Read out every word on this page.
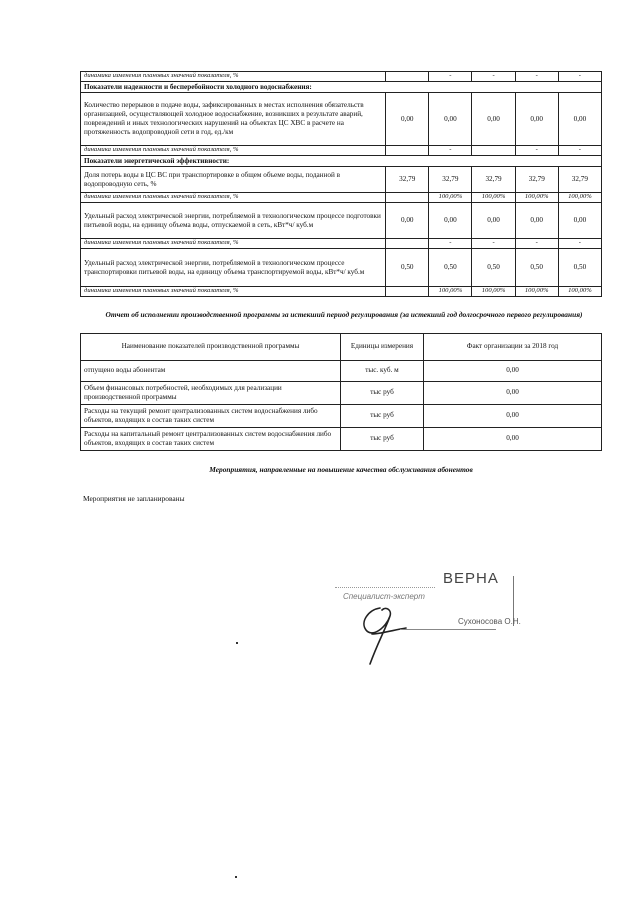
динамика изменения плановых значений показателя, %		-	-	-	-
Показатели надежности и бесперебойности холодного водоснабжения:					
Количество перерывов в подаче воды, зафиксированных в местах исполнения обязательств организацией, осуществляющей холодное водоснабжение, возникших в результате аварий, повреждений и иных технологических нарушений на объектах ЦС ХВС в расчете на протяженность водопроводной сети в год, ед./км	0,00	0,00	0,00	0,00	0,00
динамика изменения плановых значений показателя, %		-		-	-
Показатели энергетической эффективности:					
Доля потерь воды в ЦС ВС при транспортировке в общем объеме воды, поданной в водопроводную сеть, %	32,79	32,79	32,79	32,79	32,79
динамика изменения плановых значений показателя, %		100,00%	100,00%	100,00%	100,00%
Удельный расход электрической энергии, потребляемой в технологическом процессе подготовки питьевой воды, на единицу объема воды, отпускаемой в сеть, кВт*ч/ куб.м	0,00	0,00	0,00	0,00	0,00
динамика изменения плановых значений показателя, %		-	-	-	-
Удельный расход электрической энергии, потребляемой в технологическом процессе транспортировки питьевой воды, на единицу объема транспортируемой воды, кВт*ч/ куб.м	0,50	0,50	0,50	0,50	0,50
динамика изменения плановых значений показателя, %		100,00%	100,00%	100,00%	100,00%
Отчет об исполнении производственной программы за истекший период регулирования (за истекший год долгосрочного первого регулирования)
Наименование показателей производственной программы	Единицы измерения	Факт организации за 2018 год
отпущено воды абонентам	тыс. куб. м	0,00
Объем финансовых потребностей, необходимых для реализации производственной программы	тыс руб	0,00
Расходы на текущий ремонт централизованных систем водоснабжения либо объектов, входящих в состав таких систем	тыс руб	0,00
Расходы на капитальный ремонт централизованных систем водоснабжения либо объектов, входящих в состав таких систем	тыс руб	0,00
Мероприятия, направленные на повышение качества обслуживания абонентов
Мероприятия не запланированы
ВЕРНА
Специалист-эксперт
Сухоносова О.Н.
